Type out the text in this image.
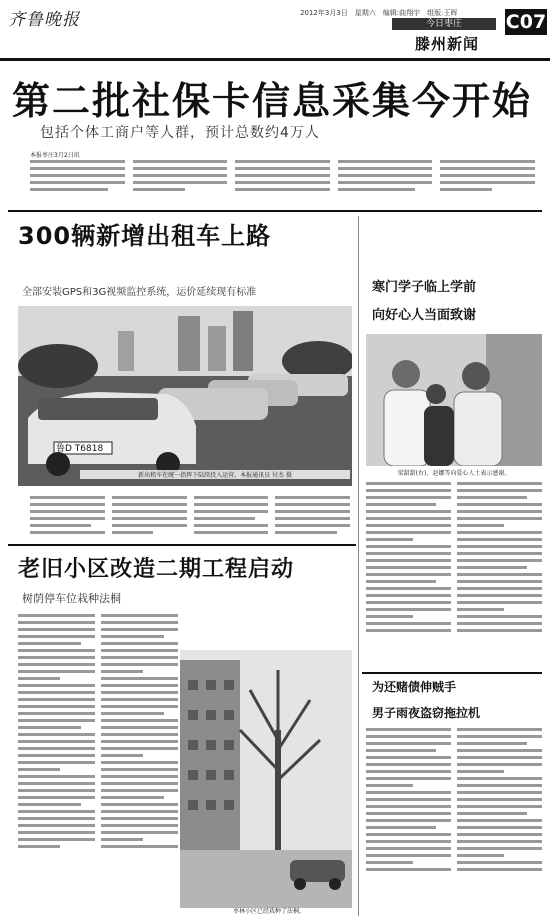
齐鲁晚报	2012年3月3日　星期六　编辑:曲翔宇　组版:王晖
今日枣庄
滕州新闻
C07
第二批社保卡信息采集今开始
包括个体工商户等人群，预计总数约4万人
本报枣庄3月2日讯
300辆新增出租车上路
全部安装GPS和3G视频监控系统，运价延续现有标准
鲁D T6818
新出租车在统一指挥下陆续投入运营。本报通讯员 付杰 摄
老旧小区改造二期工程启动
树荫停车位栽种法桐
枣林小区已经栽种了法桐。
寒门学子临上学前
向好心人当面致谢
梁甜甜(右)、赵娜等向爱心人士表示感谢。
为还赌债伸贼手
男子雨夜盗窃拖拉机
